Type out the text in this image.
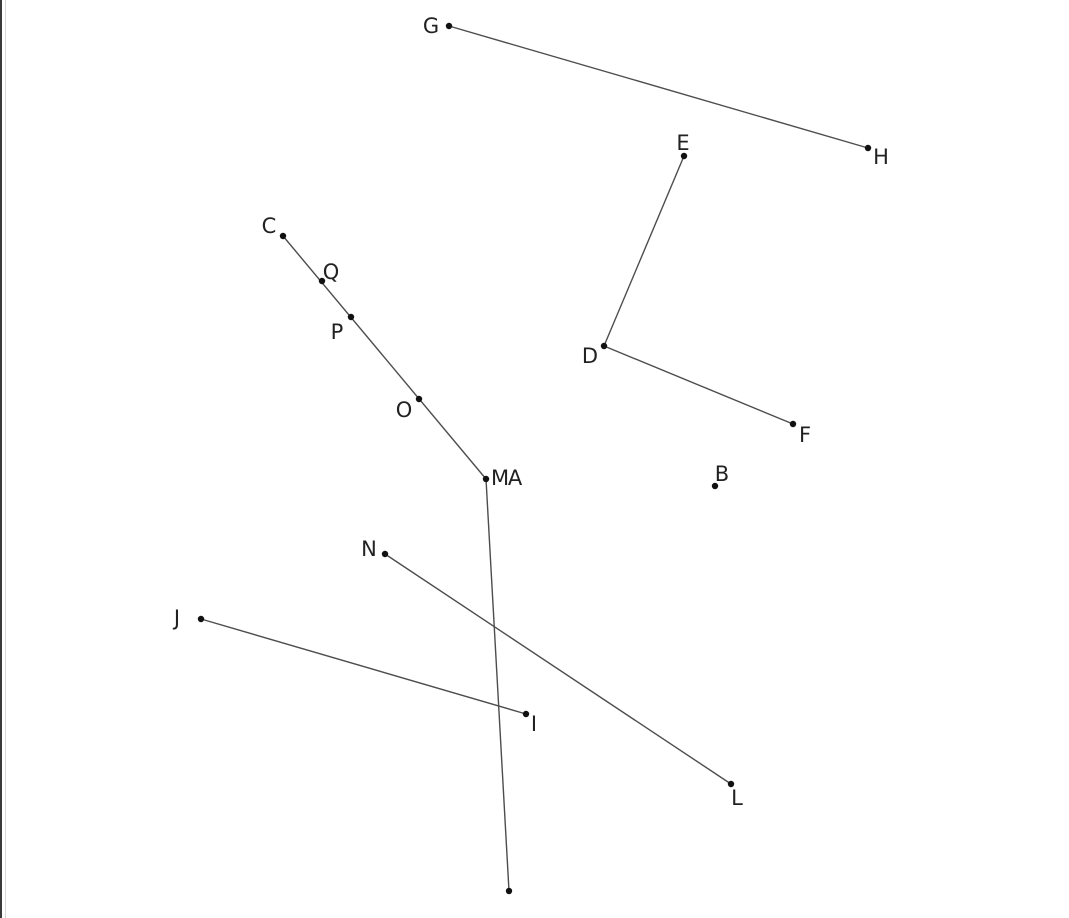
G
H
E
D
F
C
Q
P
O
M
A	B
N
J
I
L
